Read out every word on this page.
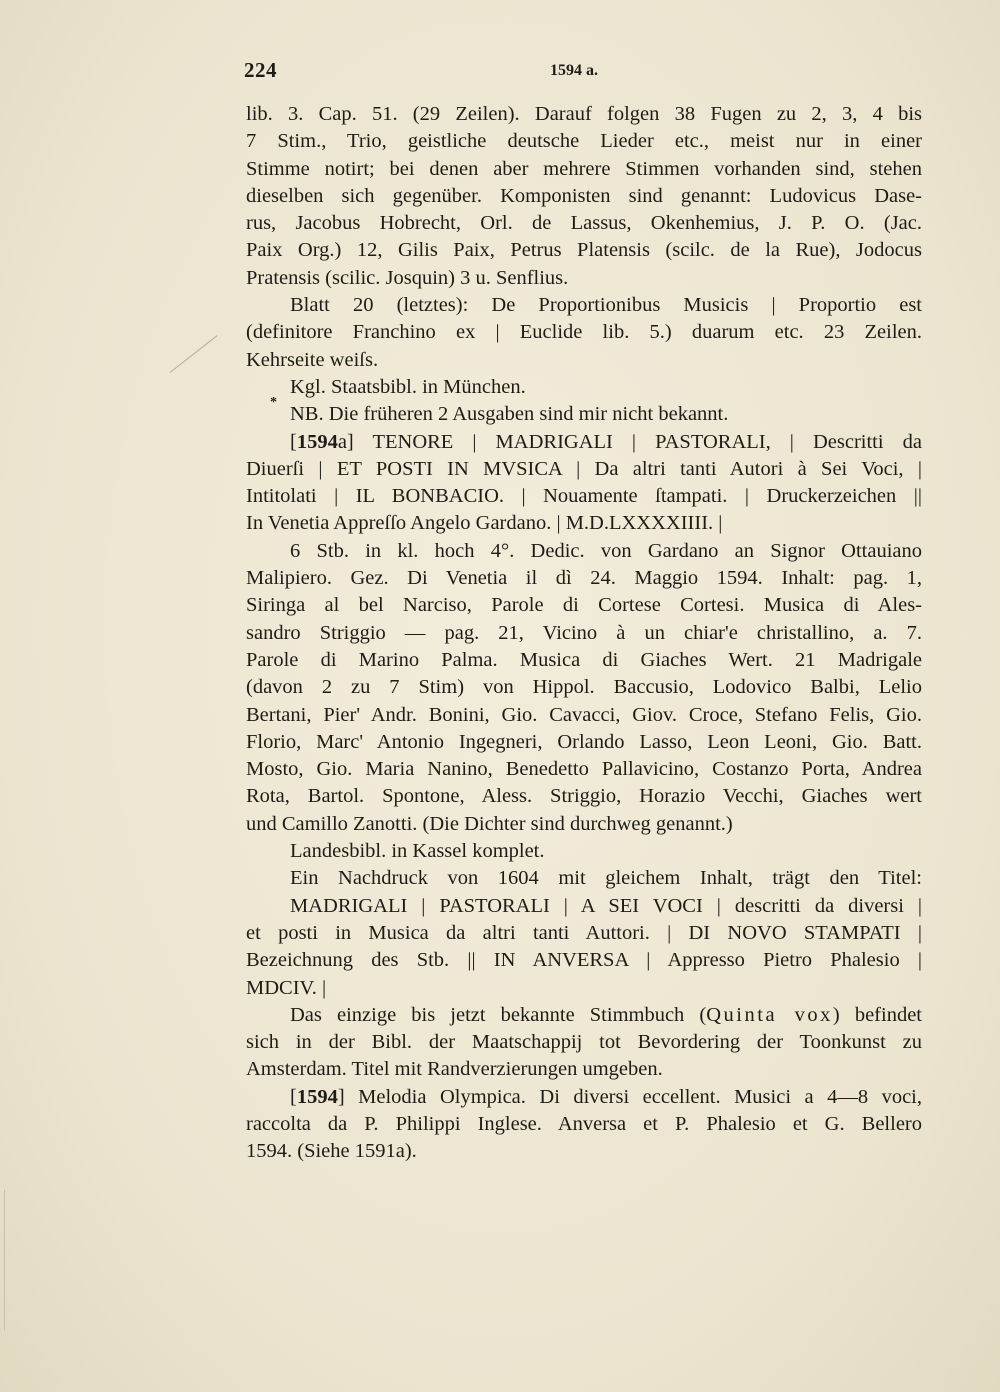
224	1594 a.
*
lib. 3. Cap. 51. (29 Zeilen). Darauf folgen 38 Fugen zu 2, 3, 4 bis
7 Stim., Trio, geistliche deutsche Lieder etc., meist nur in einer
Stimme notirt; bei denen aber mehrere Stimmen vorhanden sind, stehen
dieselben sich gegenüber. Komponisten sind genannt: Ludovicus Dase-
rus, Jacobus Hobrecht, Orl. de Lassus, Okenhemius, J. P. O. (Jac.
Paix Org.) 12, Gilis Paix, Petrus Platensis (scilc. de la Rue), Jodocus
Pratensis (scilic. Josquin) 3 u. Senflius.
Blatt 20 (letztes): De Proportionibus Musicis | Proportio est
(definitore Franchino ex | Euclide lib. 5.) duarum etc. 23 Zeilen.
Kehrseite weiſs.
Kgl. Staatsbibl. in München.
NB. Die früheren 2 Ausgaben sind mir nicht bekannt.
[1594a] TENORE | MADRIGALI | PASTORALI, | Descritti da
Diuerſi | ET POSTI IN MVSICA | Da altri tanti Autori à Sei Voci, |
Intitolati | IL BONBACIO. | Nouamente ſtampati. | Druckerzeichen ||
In Venetia Appreſſo Angelo Gardano. | M.D.LXXXXIIII. |
6 Stb. in kl. hoch 4°. Dedic. von Gardano an Signor Ottauiano
Malipiero. Gez. Di Venetia il dì 24. Maggio 1594. Inhalt: pag. 1,
Siringa al bel Narciso, Parole di Cortese Cortesi. Musica di Ales-
sandro Striggio — pag. 21, Vicino à un chiar'e christallino, a. 7.
Parole di Marino Palma. Musica di Giaches Wert. 21 Madrigale
(davon 2 zu 7 Stim) von Hippol. Baccusio, Lodovico Balbi, Lelio
Bertani, Pier' Andr. Bonini, Gio. Cavacci, Giov. Croce, Stefano Felis, Gio.
Florio, Marc' Antonio Ingegneri, Orlando Lasso, Leon Leoni, Gio. Batt.
Mosto, Gio. Maria Nanino, Benedetto Pallavicino, Costanzo Porta, Andrea
Rota, Bartol. Spontone, Aless. Striggio, Horazio Vecchi, Giaches wert
und Camillo Zanotti. (Die Dichter sind durchweg genannt.)
Landesbibl. in Kassel komplet.
Ein Nachdruck von 1604 mit gleichem Inhalt, trägt den Titel:
MADRIGALI | PASTORALI | A SEI VOCI | descritti da diversi |
et posti in Musica da altri tanti Auttori. | DI NOVO STAMPATI |
Bezeichnung des Stb. || IN ANVERSA | Appresso Pietro Phalesio |
MDCIV. |
Das einzige bis jetzt bekannte Stimmbuch (Quinta vox) befindet
sich in der Bibl. der Maatschappij tot Bevordering der Toonkunst zu
Amsterdam. Titel mit Randverzierungen umgeben.
[1594] Melodia Olympica. Di diversi eccellent. Musici a 4—8 voci,
raccolta da P. Philippi Inglese. Anversa et P. Phalesio et G. Bellero
1594. (Siehe 1591a).
